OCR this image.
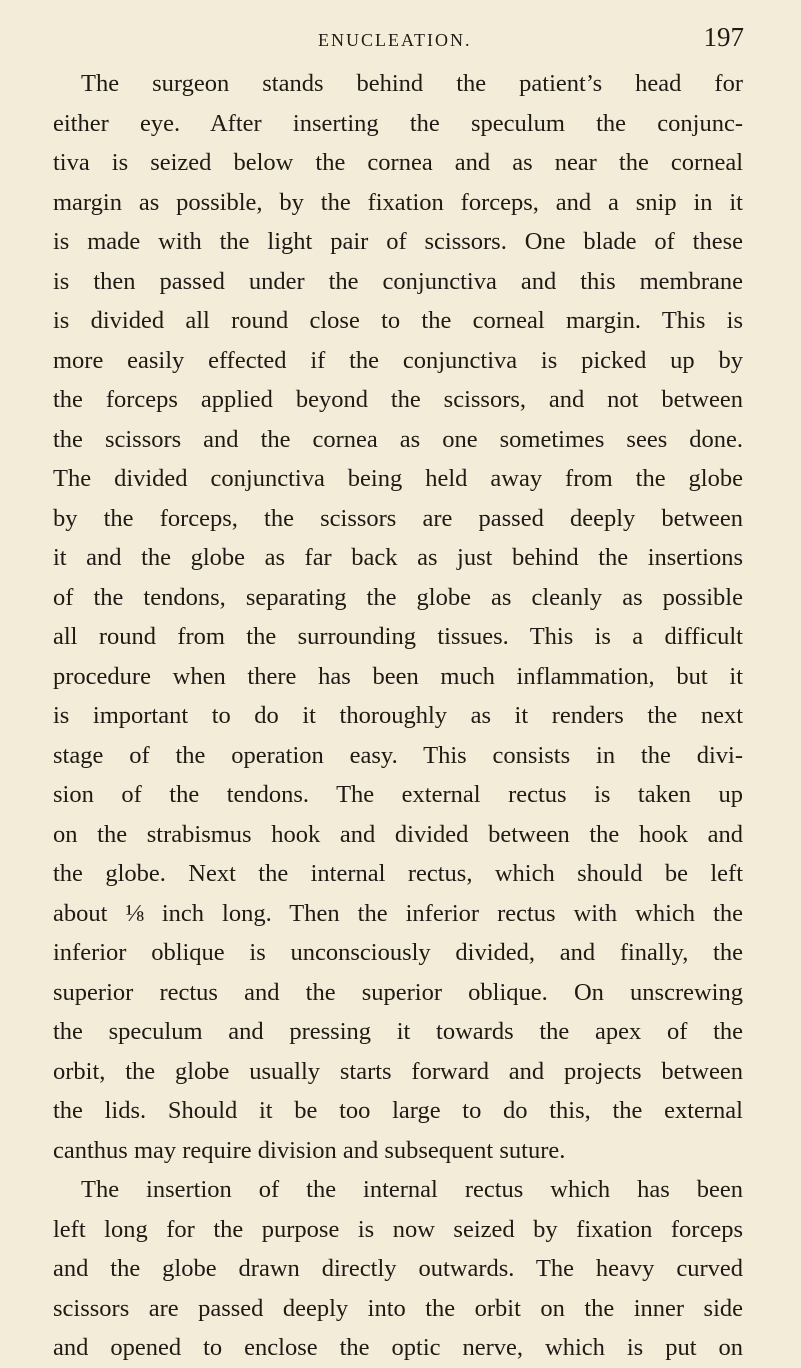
ENUCLEATION.	197
The surgeon stands behind the patient’s head for
either eye. After inserting the speculum the conjunc-
tiva is seized below the cornea and as near the corneal
margin as possible, by the fixation forceps, and a snip in it
is made with the light pair of scissors. One blade of these
is then passed under the conjunctiva and this membrane
is divided all round close to the corneal margin. This is
more easily effected if the conjunctiva is picked up by
the forceps applied beyond the scissors, and not between
the scissors and the cornea as one sometimes sees done.
The divided conjunctiva being held away from the globe
by the forceps, the scissors are passed deeply between
it and the globe as far back as just behind the insertions
of the tendons, separating the globe as cleanly as possible
all round from the surrounding tissues. This is a difficult
procedure when there has been much inflammation, but it
is important to do it thoroughly as it renders the next
stage of the operation easy. This consists in the divi-
sion of the tendons. The external rectus is taken up
on the strabismus hook and divided between the hook and
the globe. Next the internal rectus, which should be left
about ⅛ inch long. Then the inferior rectus with which the
inferior oblique is unconsciously divided, and finally, the
superior rectus and the superior oblique. On unscrewing
the speculum and pressing it towards the apex of the
orbit, the globe usually starts forward and projects between
the lids. Should it be too large to do this, the external
canthus may require division and subsequent suture.
The insertion of the internal rectus which has been
left long for the purpose is now seized by fixation forceps
and the globe drawn directly outwards. The heavy curved
scissors are passed deeply into the orbit on the inner side
and opened to enclose the optic nerve, which is put on
